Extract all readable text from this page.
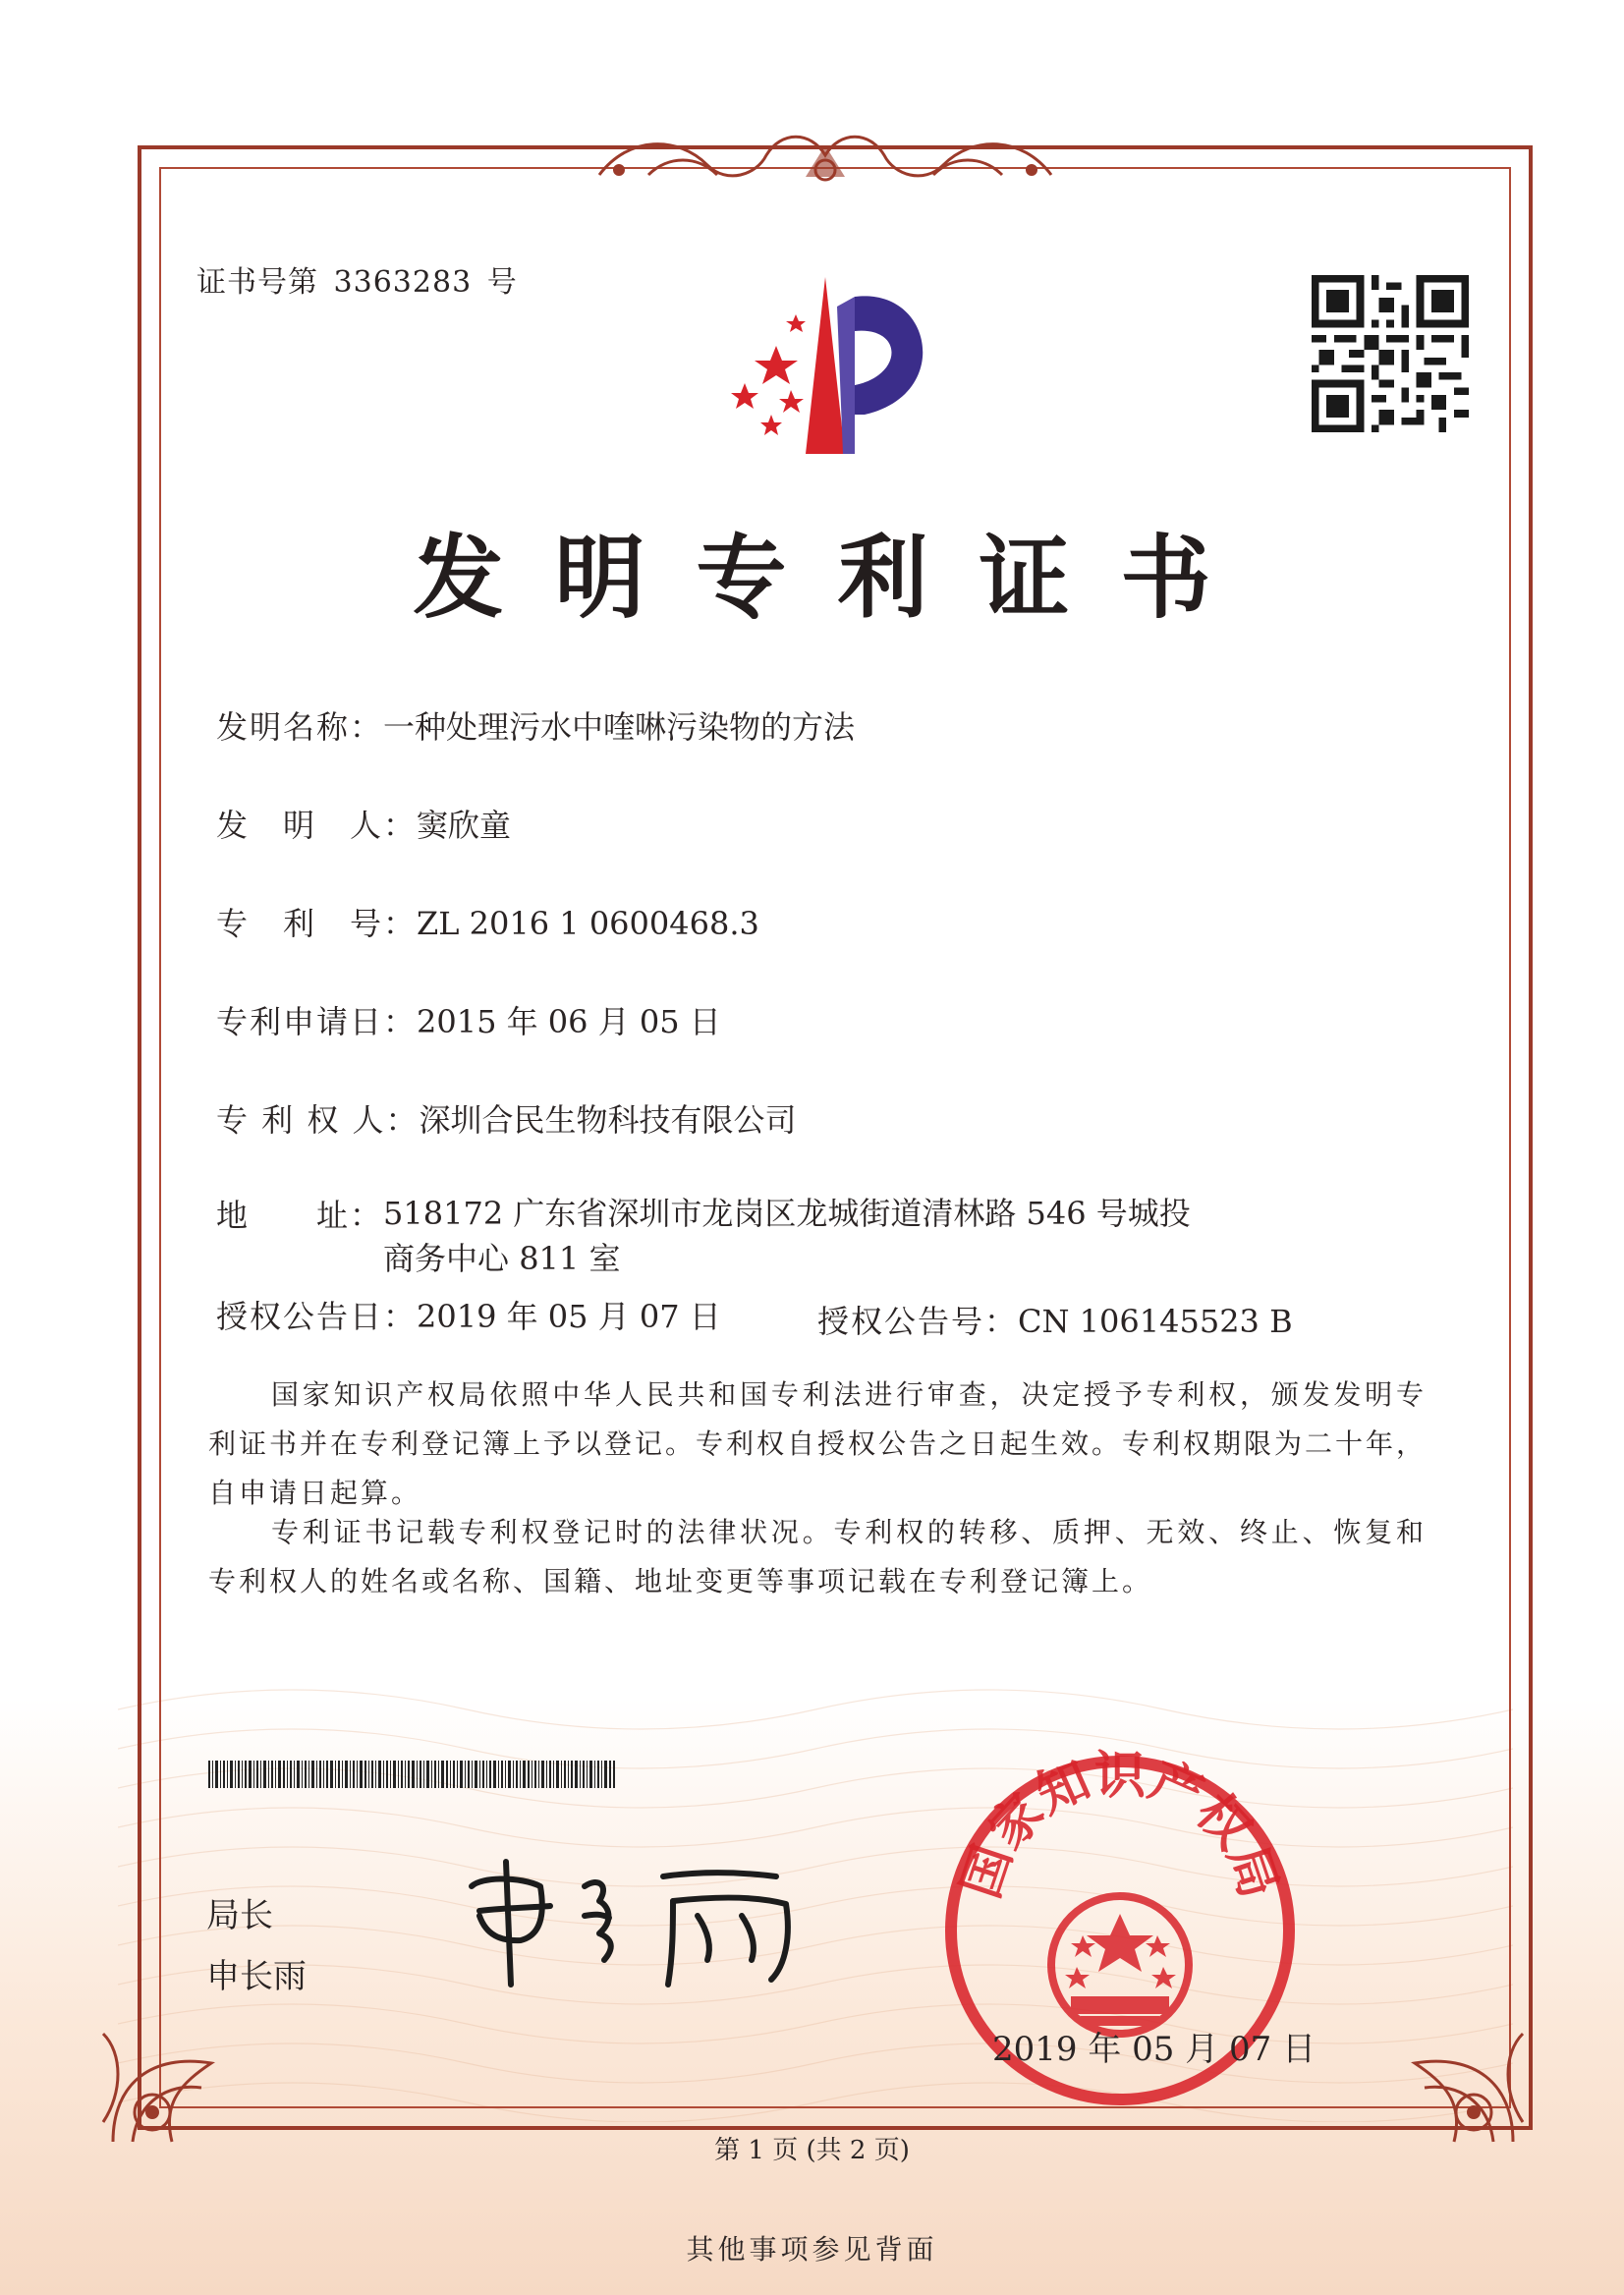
证书号第 3363283 号
发明专利证书
发明名称：一种处理污水中喹啉污染物的方法
发　明　人：窦欣童
专　利　号：ZL 2016 1 0600468.3
专利申请日：2015 年 06 月 05 日
专 利 权 人：深圳合民生物科技有限公司
地　　址：518172 广东省深圳市龙岗区龙城街道清林路 546 号城投商务中心 811 室
授权公告日：2019 年 05 月 07 日	授权公告号：CN 106145523 B
国家知识产权局依照中华人民共和国专利法进行审查，决定授予专利权，颁发发明专利证书并在专利登记簿上予以登记。专利权自授权公告之日起生效。专利权期限为二十年，自申请日起算。
专利证书记载专利权登记时的法律状况。专利权的转移、质押、无效、终止、恢复和专利权人的姓名或名称、国籍、地址变更等事项记载在专利登记簿上。
局长
申长雨
国家知识产权局
2019 年 05 月 07 日
第 1 页 (共 2 页)
其他事项参见背面
